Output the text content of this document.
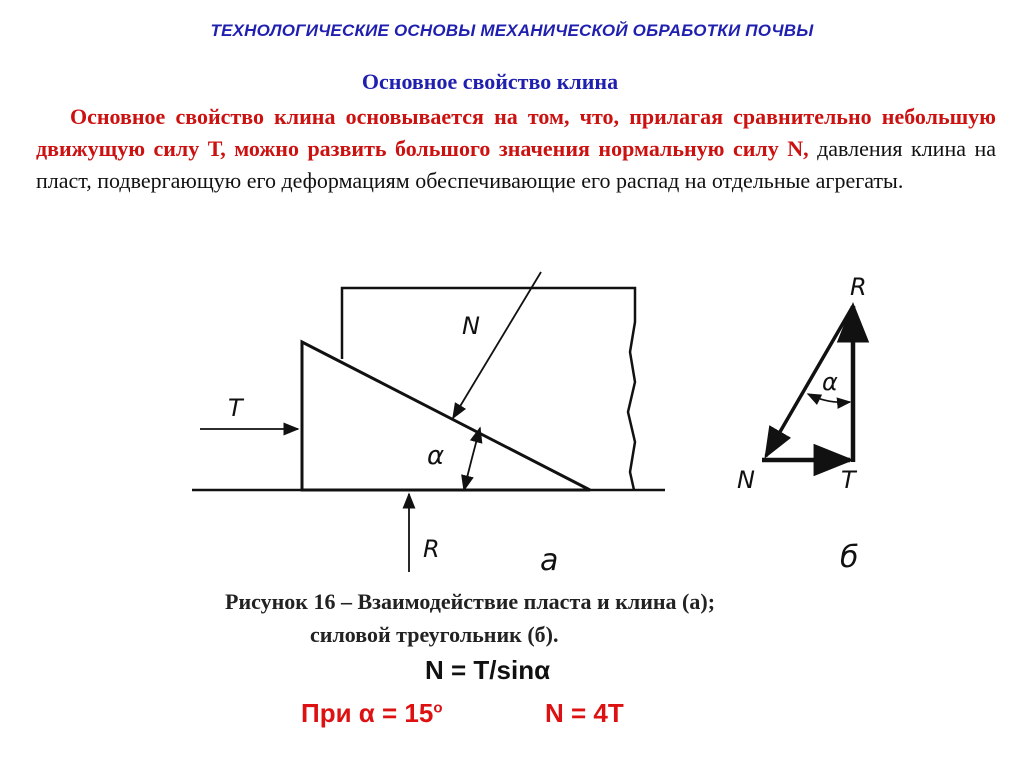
ТЕХНОЛОГИЧЕСКИЕ ОСНОВЫ МЕХАНИЧЕСКОЙ ОБРАБОТКИ ПОЧВЫ
Основное свойство клина
Основное свойство клина основывается на том, что, прилагая сравнительно небольшую движущую силу Т, можно развить большого значения нормальную силу N, давления клина на пласт, подвергающую его деформациям обеспечивающие его распад на отдельные агрегаты.
N
T
α
R	а
R
α
N	T
б
Рисунок 16 – Взаимодействие пласта и клина (а);
силовой треугольник (б).
N = T/sinα
При $\alpha = 15^о$	N = 4T
